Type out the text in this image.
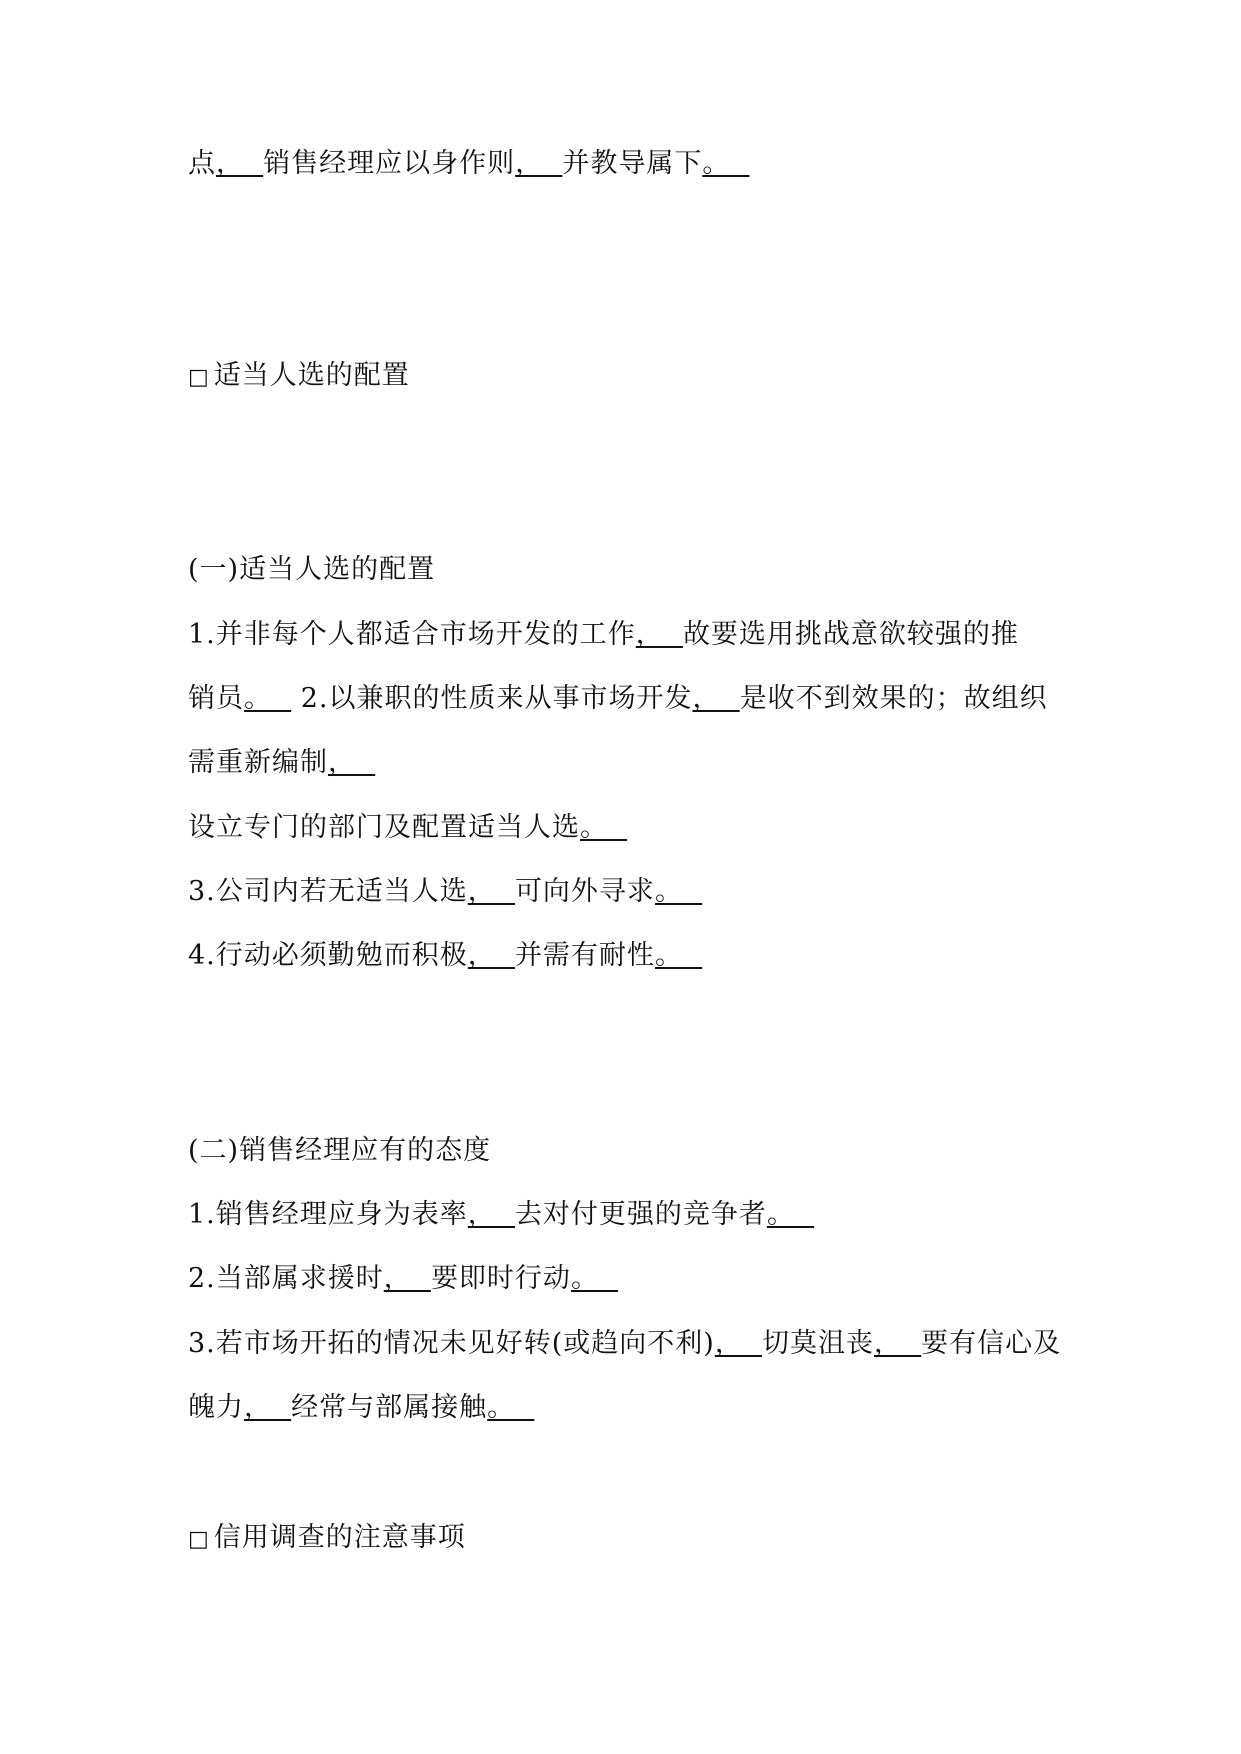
点，  销售经理应以身作则，  并教导属下。
□ 适当人选的配置
(一)适当人选的配置
1.并非每个人都适合市场开发的工作，  故要选用挑战意欲较强的推
销员。   2.以兼职的性质来从事市场开发，  是收不到效果的；故组织
需重新编制，
设立专门的部门及配置适当人选。
3.公司内若无适当人选，  可向外寻求。
4.行动必须勤勉而积极，  并需有耐性。
(二)销售经理应有的态度
1.销售经理应身为表率，  去对付更强的竞争者。
2.当部属求援时，  要即时行动。
3.若市场开拓的情况未见好转(或趋向不利)，  切莫沮丧，  要有信心及
魄力，  经常与部属接触。
□ 信用调查的注意事项
